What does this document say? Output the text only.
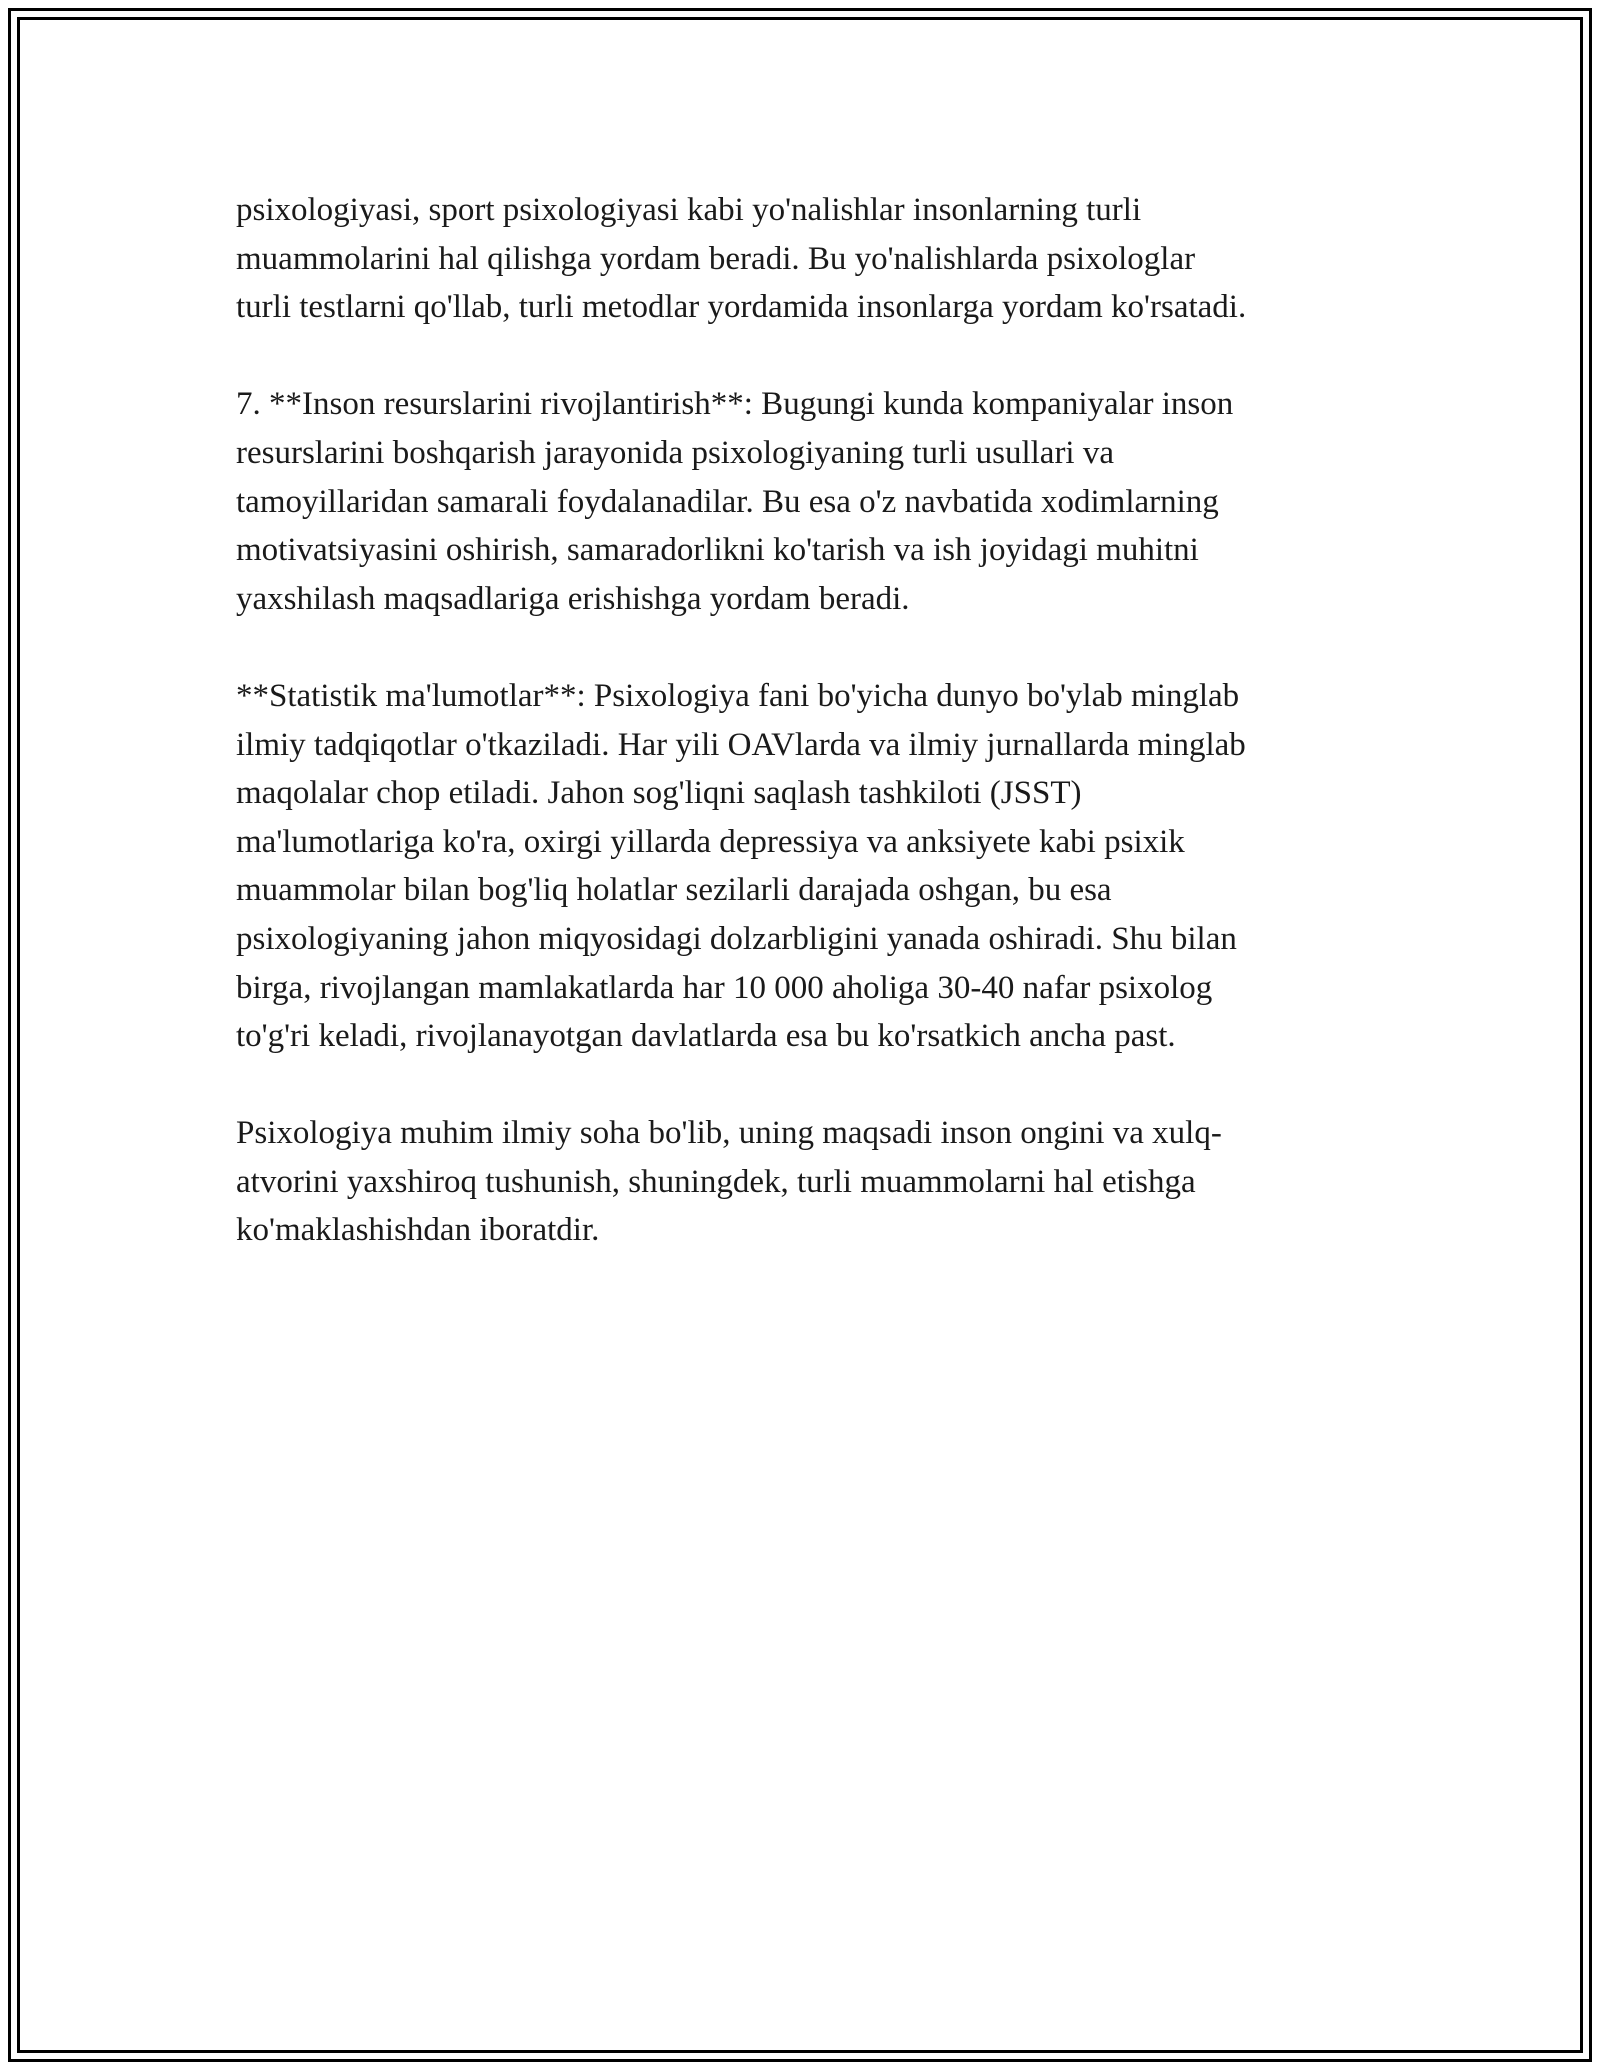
psixologiyasi, sport psixologiyasi kabi yo'nalishlar insonlarning turli
muammolarini hal qilishga yordam beradi. Bu yo'nalishlarda psixologlar
turli testlarni qo'llab, turli metodlar yordamida insonlarga yordam ko'rsatadi.

7. **Inson resurslarini rivojlantirish**: Bugungi kunda kompaniyalar inson
resurslarini boshqarish jarayonida psixologiyaning turli usullari va
tamoyillaridan samarali foydalanadilar. Bu esa o'z navbatida xodimlarning
motivatsiyasini oshirish, samaradorlikni ko'tarish va ish joyidagi muhitni
yaxshilash maqsadlariga erishishga yordam beradi.

**Statistik ma'lumotlar**: Psixologiya fani bo'yicha dunyo bo'ylab minglab
ilmiy tadqiqotlar o'tkaziladi. Har yili OAVlarda va ilmiy jurnallarda minglab
maqolalar chop etiladi. Jahon sog'liqni saqlash tashkiloti (JSST)
ma'lumotlariga ko'ra, oxirgi yillarda depressiya va anksiyete kabi psixik
muammolar bilan bog'liq holatlar sezilarli darajada oshgan, bu esa
psixologiyaning jahon miqyosidagi dolzarbligini yanada oshiradi. Shu bilan
birga, rivojlangan mamlakatlarda har 10 000 aholiga 30-40 nafar psixolog
to'g'ri keladi, rivojlanayotgan davlatlarda esa bu ko'rsatkich ancha past.

Psixologiya muhim ilmiy soha bo'lib, uning maqsadi inson ongini va xulq-
atvorini yaxshiroq tushunish, shuningdek, turli muammolarni hal etishga
ko'maklashishdan iboratdir.
